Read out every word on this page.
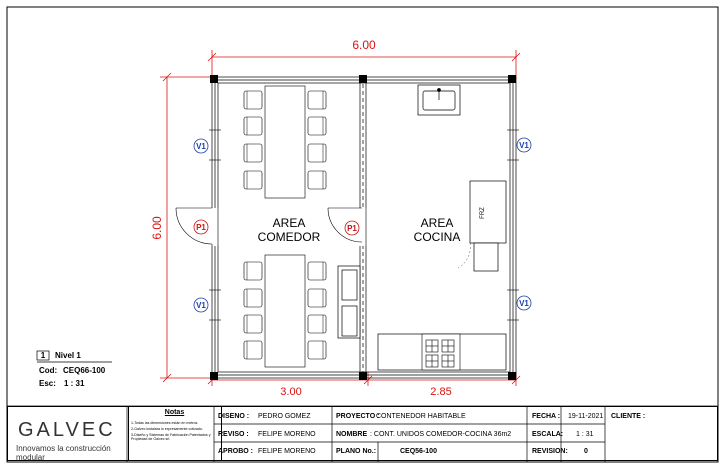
6.00
6.00
3.00	2.85
FRZ
AREA
COMEDOR
AREA
COCINA
V1
V1
V1
V1
P1	P1
1 Nivel 1
Cod: CEQ66-100
Esc: 1 : 31
GALVEC
Innovamos la construcción modular
Notas
1-Todas las dimensiones están en metros.
2-Galvec instalara lo expresamente cotizado.
3-Diseño y Sistemas de Fabricación Patentados y Propiedad de Galvec srl.
DISEÑO : PEDRO GOMEZ
REVISO : FELIPE MORENO
APROBO : FELIPE MORENO
PROYECTO :
CONTENEDOR HABITABLE
NOMBRE : CONT. UNIDOS COMEDOR-COCINA 36m2
PLANO No.:	CEQ56-100
FECHA : 19-11-2021
ESCALA: 1 : 31
REVISION: 0
CLIENTE :
